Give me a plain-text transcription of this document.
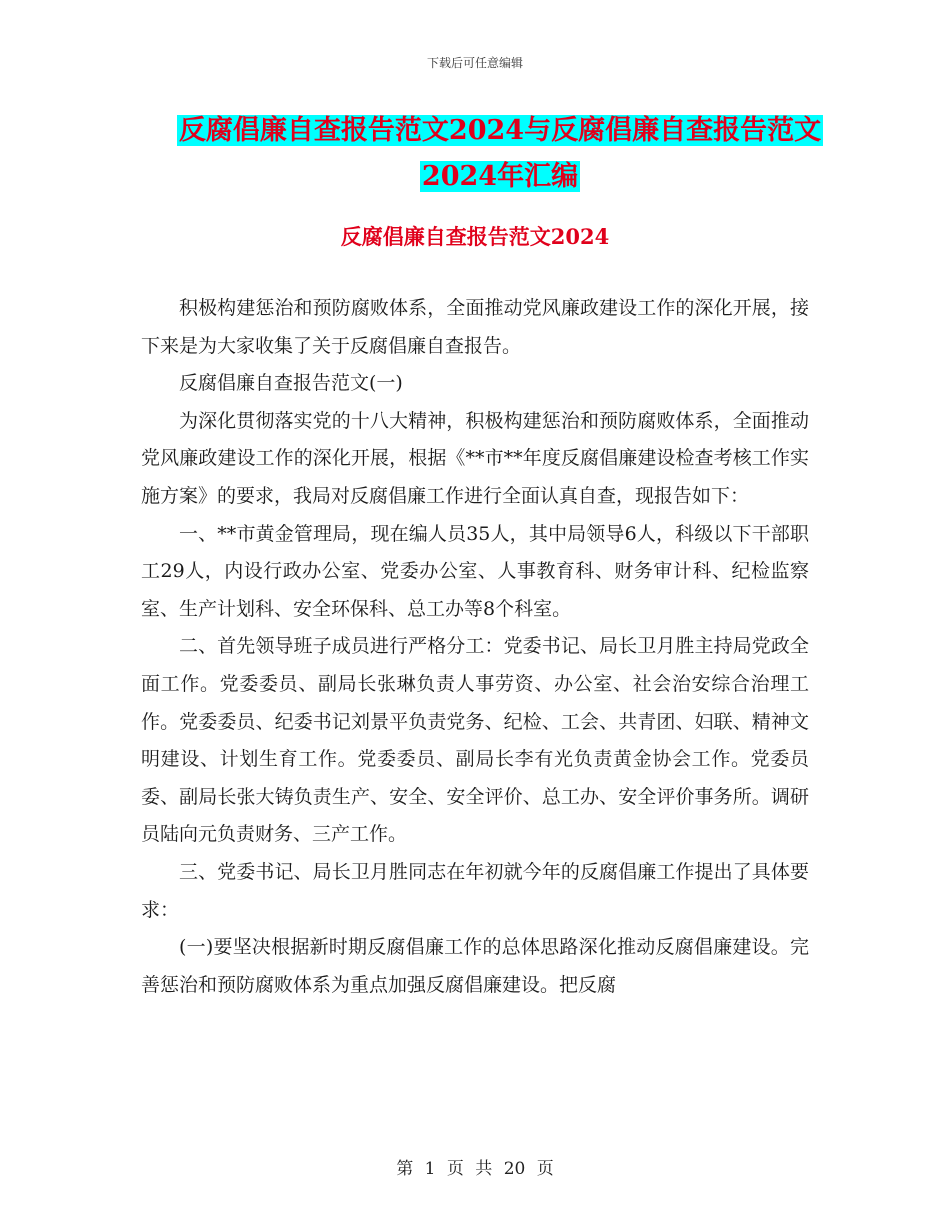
下载后可任意编辑
反腐倡廉自查报告范文2024与反腐倡廉自查报告范文
2024年汇编
反腐倡廉自查报告范文2024

积极构建惩治和预防腐败体系，全面推动党风廉政建设工作的深化开展，接下来是为大家收集了关于反腐倡廉自查报告。

反腐倡廉自查报告范文(一)

为深化贯彻落实党的十八大精神，积极构建惩治和预防腐败体系，全面推动党风廉政建设工作的深化开展，根据《**市**年度反腐倡廉建设检查考核工作实施方案》的要求，我局对反腐倡廉工作进行全面认真自查，现报告如下：

一、**市黄金管理局，现在编人员35人，其中局领导6人，科级以下干部职工29人，内设行政办公室、党委办公室、人事教育科、财务审计科、纪检监察室、生产计划科、安全环保科、总工办等8个科室。

二、首先领导班子成员进行严格分工：党委书记、局长卫月胜主持局党政全面工作。党委委员、副局长张琳负责人事劳资、办公室、社会治安综合治理工作。党委委员、纪委书记刘景平负责党务、纪检、工会、共青团、妇联、精神文明建设、计划生育工作。党委委员、副局长李有光负责黄金协会工作。党委员委、副局长张大铸负责生产、安全、安全评价、总工办、安全评价事务所。调研员陆向元负责财务、三产工作。

三、党委书记、局长卫月胜同志在年初就今年的反腐倡廉工作提出了具体要求：

(一)要坚决根据新时期反腐倡廉工作的总体思路深化推动反腐倡廉建设。完善惩治和预防腐败体系为重点加强反腐倡廉建设。把反腐

第 1 页 共 20 页
